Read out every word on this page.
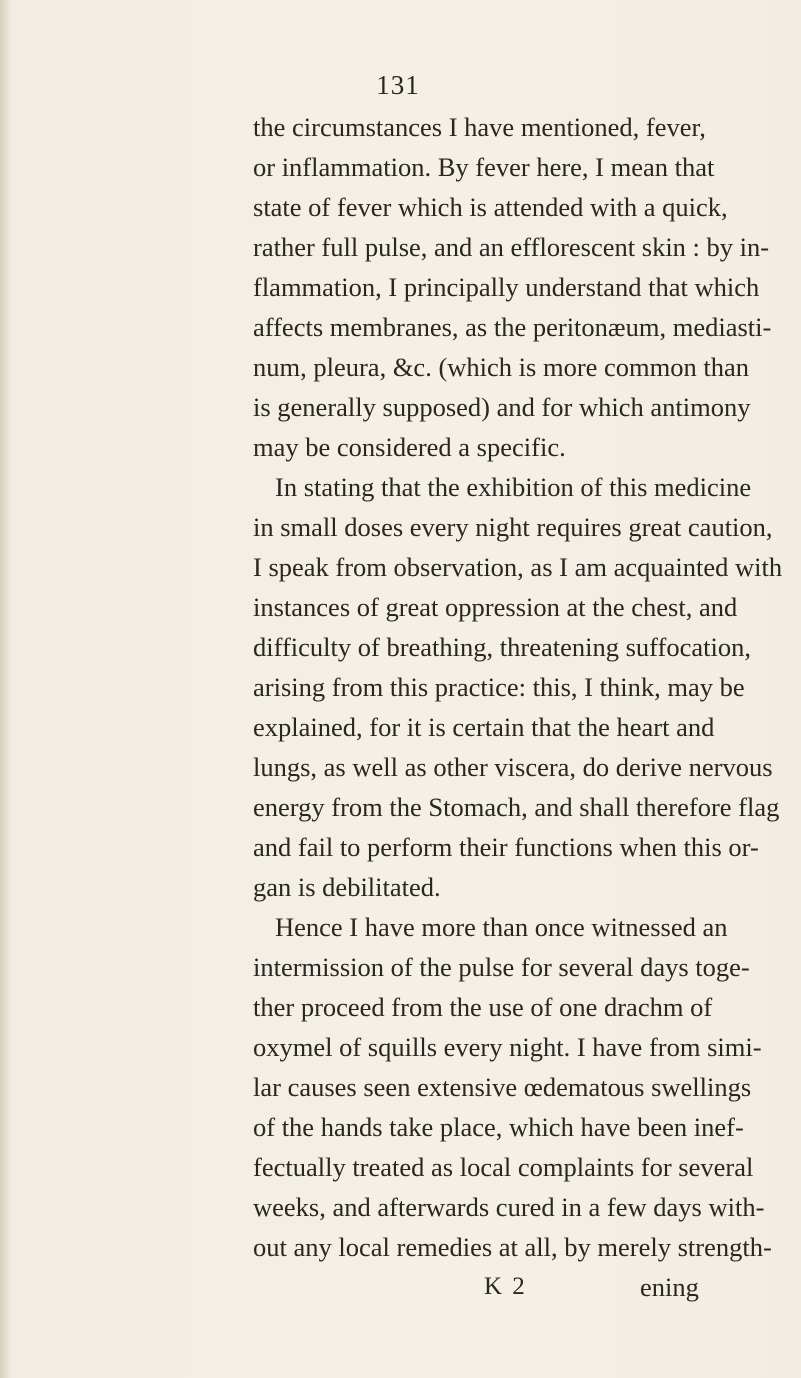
131
the circumstances I have mentioned, fever,
or inflammation. By fever here, I mean that
state of fever which is attended with a quick,
rather full pulse, and an efflorescent skin : by in-
flammation, I principally understand that which
affects membranes, as the peritonæum, mediasti-
num, pleura, &c. (which is more common than
is generally supposed) and for which antimony
may be considered a specific.
In stating that the exhibition of this medicine
in small doses every night requires great caution,
I speak from observation, as I am acquainted with
instances of great oppression at the chest, and
difficulty of breathing, threatening suffocation,
arising from this practice: this, I think, may be
explained, for it is certain that the heart and
lungs, as well as other viscera, do derive nervous
energy from the Stomach, and shall therefore flag
and fail to perform their functions when this or-
gan is debilitated.
Hence I have more than once witnessed an
intermission of the pulse for several days toge-
ther proceed from the use of one drachm of
oxymel of squills every night. I have from simi-
lar causes seen extensive œdematous swellings
of the hands take place, which have been inef-
fectually treated as local complaints for several
weeks, and afterwards cured in a few days with-
out any local remedies at all, by merely strength-
K 2	ening
